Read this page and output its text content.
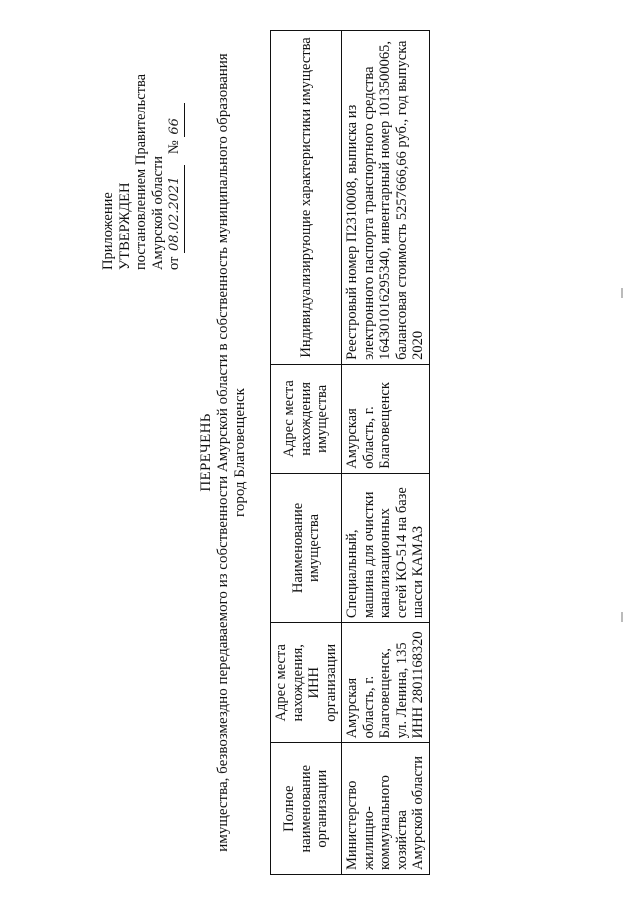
Приложение УТВЕРЖДЕН постановлением Правительства Амурской области от 08.02.2021   № 66
ПЕРЕЧЕНЬ имущества, безвозмездно передаваемого из собственности Амурской области в собственность муниципального образования город Благовещенск
Полное наименование организации	Адрес места нахождения, ИНН организации	Наименование имущества	Адрес места нахождения имущества	Индивидуализирующие характеристики имущества
Министерство жилищно-коммунального хозяйства Амурской области	Амурская область, г. Благовещенск, ул. Ленина, 135 ИНН 2801168320	Специальный, машина для очистки канализационных сетей КО-514 на базе шасси КАМАЗ	Амурская область, г. Благовещенск	Реестровый номер П2310008, выписка из электронного паспорта транспортного средства 164301016295340, инвентарный номер 1013500065, балансовая стоимость 5257666,66 руб., год выпуска 2020
